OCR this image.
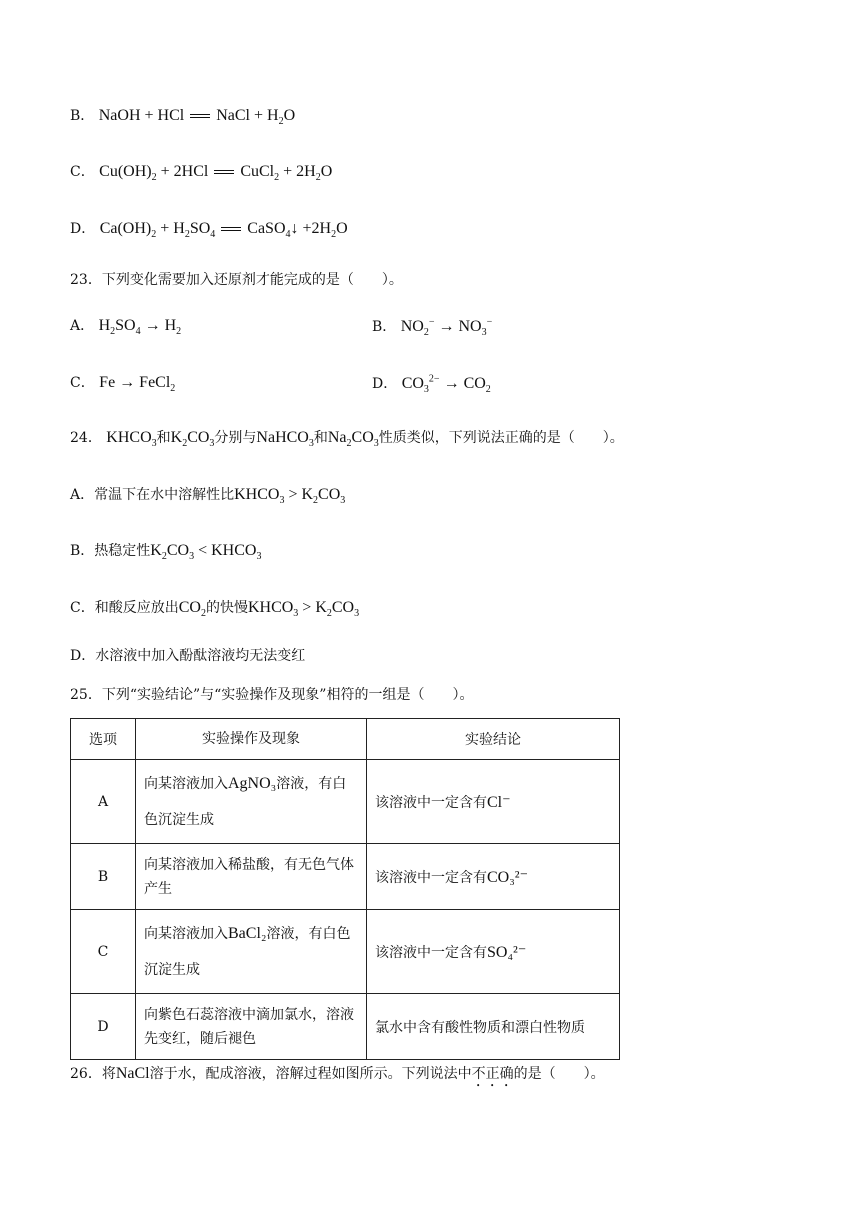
B． NaOH + HCl NaCl + $H_2O$
C． $Cu(OH)_2 + 2HCl$ CuCl$_2$ + $2H_2O$
D． $Ca(OH)_2 + H_2SO_4$ CaSO$_4$↓ $+2H_2O$
23．下列变化需要加入还原剂才能完成的是（　　）。
A． $H_2SO_4 \to H_2$	B． $NO_2^- \to NO_3^-$
C． Fe → FeCl$_2$	D． $CO_3^{2-} \to CO_2$
24． $KHCO_3$和$K_2CO_3$分别与NaHCO$_3$和$Na_2CO_3$性质类似，下列说法正确的是（　　）。
A．常温下在水中溶解性比$KHCO_3 > K_2CO_3$
B．热稳定性$K_2CO_3$ < $KHCO_3$
C．和酸反应放出$CO_2$的快慢$KHCO_3 > K_2CO_3$
D．水溶液中加入酚酞溶液均无法变红
25．下列“实验结论”与“实验操作及现象”相符的一组是（　　）。
选项	实验操作及现象	实验结论
A	向某溶液加入AgNO₃溶液，有白色沉淀生成	该溶液中一定含有Cl⁻
B	向某溶液加入稀盐酸，有无色气体产生	该溶液中一定含有CO₃²⁻
C	向某溶液加入BaCl₂溶液，有白色沉淀生成	该溶液中一定含有SO₄²⁻
D	向紫色石蕊溶液中滴加氯水，溶液先变红，随后褪色	氯水中含有酸性物质和漂白性物质
26．将NaCl溶于水，配成溶液，溶解过程如图所示。下列说法中不正确的是（　　）。
